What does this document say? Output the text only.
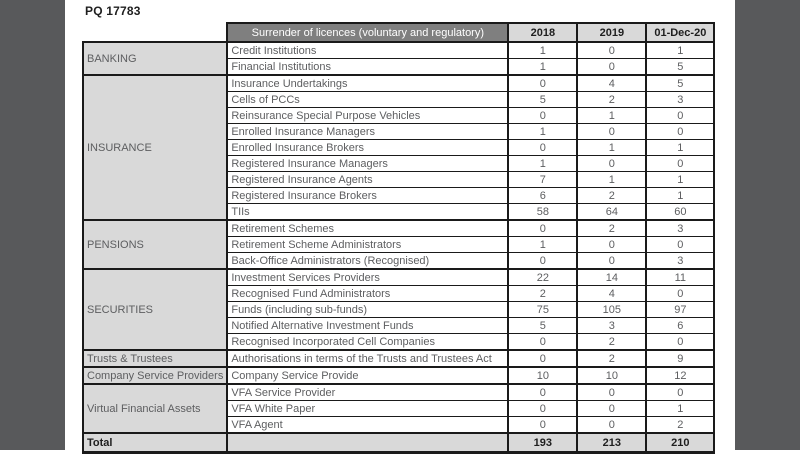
PQ 17783
	Surrender of licences (voluntary and regulatory)	2018	2019	01-Dec-20
BANKING	Credit Institutions	1	0	1
	Financial Institutions	1	0	5
INSURANCE	Insurance Undertakings	0	4	5
	Cells of PCCs	5	2	3
	Reinsurance Special Purpose Vehicles	0	1	0
	Enrolled Insurance Managers	1	0	0
	Enrolled Insurance Brokers	0	1	1
	Registered Insurance Managers	1	0	0
	Registered Insurance Agents	7	1	1
	Registered Insurance Brokers	6	2	1
	TIIs	58	64	60
PENSIONS	Retirement Schemes	0	2	3
	Retirement Scheme Administrators	1	0	0
	Back-Office Administrators (Recognised)	0	0	3
SECURITIES	Investment Services Providers	22	14	11
	Recognised Fund Administrators	2	4	0
	Funds (including sub-funds)	75	105	97
	Notified Alternative Investment Funds	5	3	6
	Recognised Incorporated Cell Companies	0	2	0
Trusts & Trustees	Authorisations in terms of the Trusts and Trustees Act	0	2	9
Company Service Providers	Company Service Provide	10	10	12
Virtual Financial Assets	VFA Service Provider	0	0	0
	VFA White Paper	0	0	1
	VFA Agent	0	0	2
Total		193	213	210
